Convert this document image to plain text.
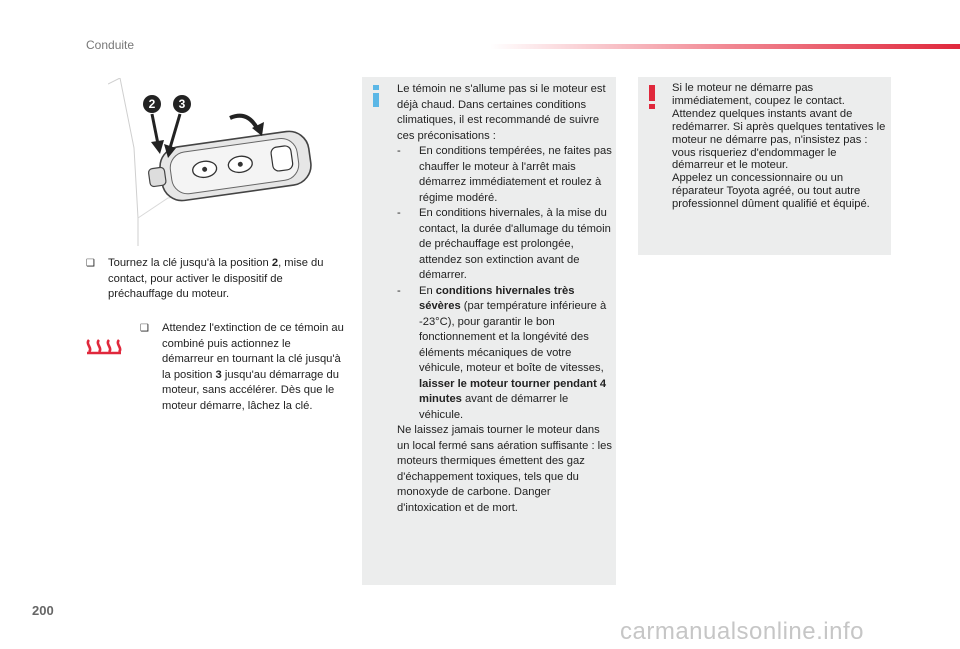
Conduite
2 3
❑ Tournez la clé jusqu'à la position 2, mise du contact, pour activer le dispositif de préchauffage du moteur.
❑ Attendez l'extinction de ce témoin au combiné puis actionnez le démarreur en tournant la clé jusqu'à la position 3 jusqu'au démarrage du moteur, sans accélérer. Dès que le moteur démarre, lâchez la clé.

Le témoin ne s'allume pas si le moteur est déjà chaud. Dans certaines conditions climatiques, il est recommandé de suivre ces préconisations :

- En conditions tempérées, ne faites pas chauffer le moteur à l'arrêt mais démarrez immédiatement et roulez à régime modéré.

- En conditions hivernales, à la mise du contact, la durée d'allumage du témoin de préchauffage est prolongée, attendez son extinction avant de démarrer.

- En conditions hivernales très sévères (par température inférieure à -23°C), pour garantir le bon fonctionnement et la longévité des éléments mécaniques de votre véhicule, moteur et boîte de vitesses, laisser le moteur tourner pendant 4 minutes avant de démarrer le véhicule.

Ne laissez jamais tourner le moteur dans un local fermé sans aération suffisante : les moteurs thermiques émettent des gaz d'échappement toxiques, tels que du monoxyde de carbone. Danger d'intoxication et de mort.

Si le moteur ne démarre pas immédiatement, coupez le contact. Attendez quelques instants avant de redémarrer. Si après quelques tentatives le moteur ne démarre pas, n'insistez pas : vous risqueriez d'endommager le démarreur et le moteur.

Appelez un concessionnaire ou un réparateur Toyota agréé, ou tout autre professionnel dûment qualifié et équipé.

200
carmanualsonline.info
